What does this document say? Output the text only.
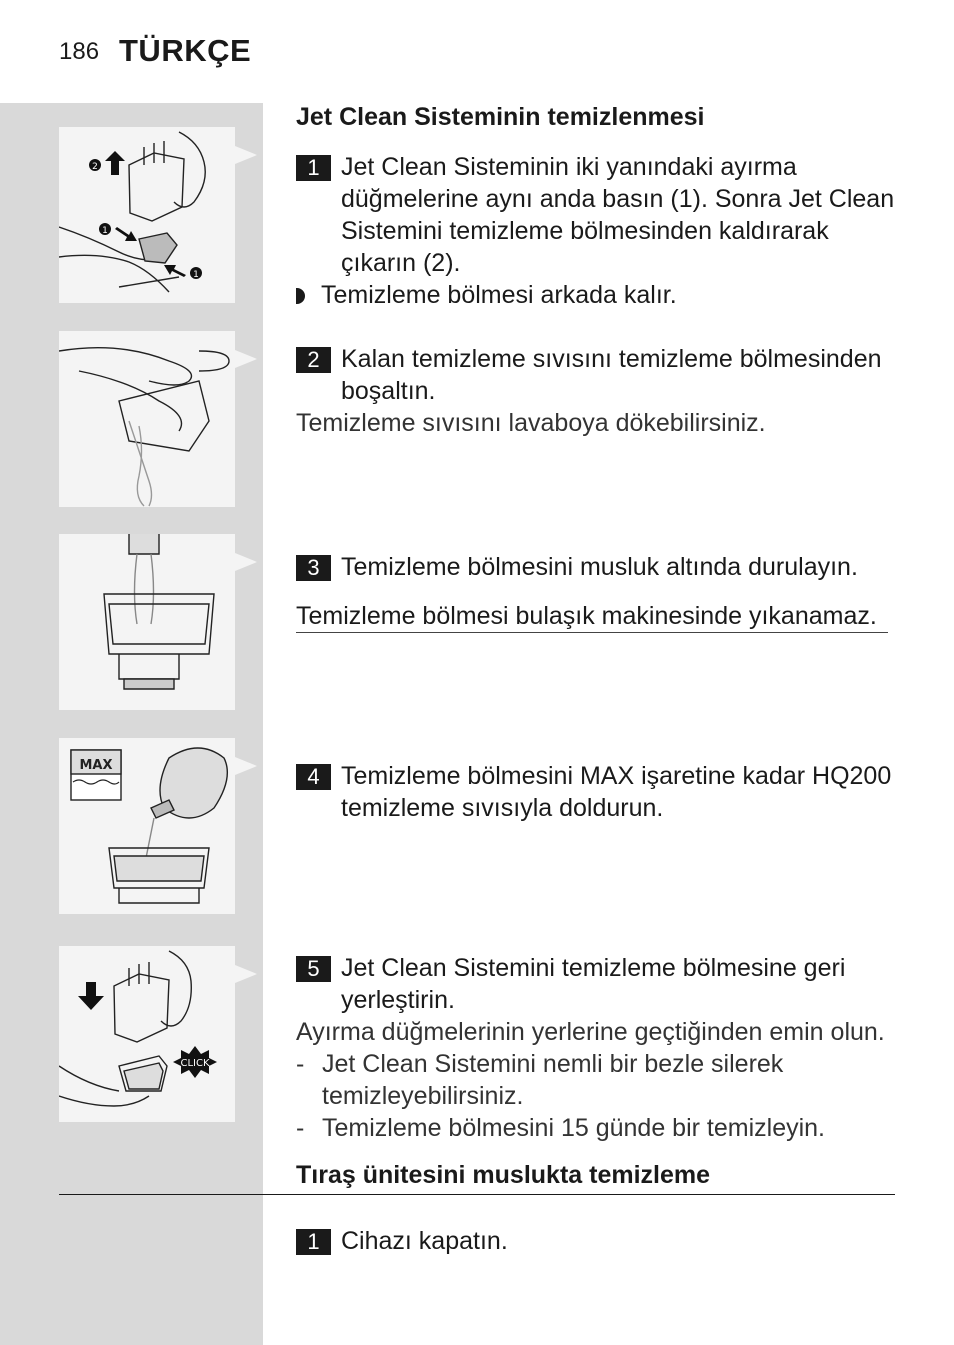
186 TÜRKÇE
2
1
1
MAX
CLICK
Jet Clean Sisteminin temizlenmesi
1 Jet Clean Sisteminin iki yanındaki ayırma düğmelerine aynı anda basın (1). Sonra Jet Clean Sistemini temizleme bölmesinden kaldırarak çıkarın (2).
Temizleme bölmesi arkada kalır.
2 Kalan temizleme sıvısını temizleme bölmesinden boşaltın.
Temizleme sıvısını lavaboya dökebilirsiniz.
3 Temizleme bölmesini musluk altında durulayın.
Temizleme bölmesi bulaşık makinesinde yıkanamaz.
4 Temizleme bölmesini MAX işaretine kadar HQ200 temizleme sıvısıyla doldurun.
5 Jet Clean Sistemini temizleme bölmesine geri yerleştirin.
Ayırma düğmelerinin yerlerine geçtiğinden emin olun.
- Jet Clean Sistemini nemli bir bezle silerek temizleyebilirsiniz.
- Temizleme bölmesini 15 günde bir temizleyin.
Tıraş ünitesini muslukta temizleme
1 Cihazı kapatın.
